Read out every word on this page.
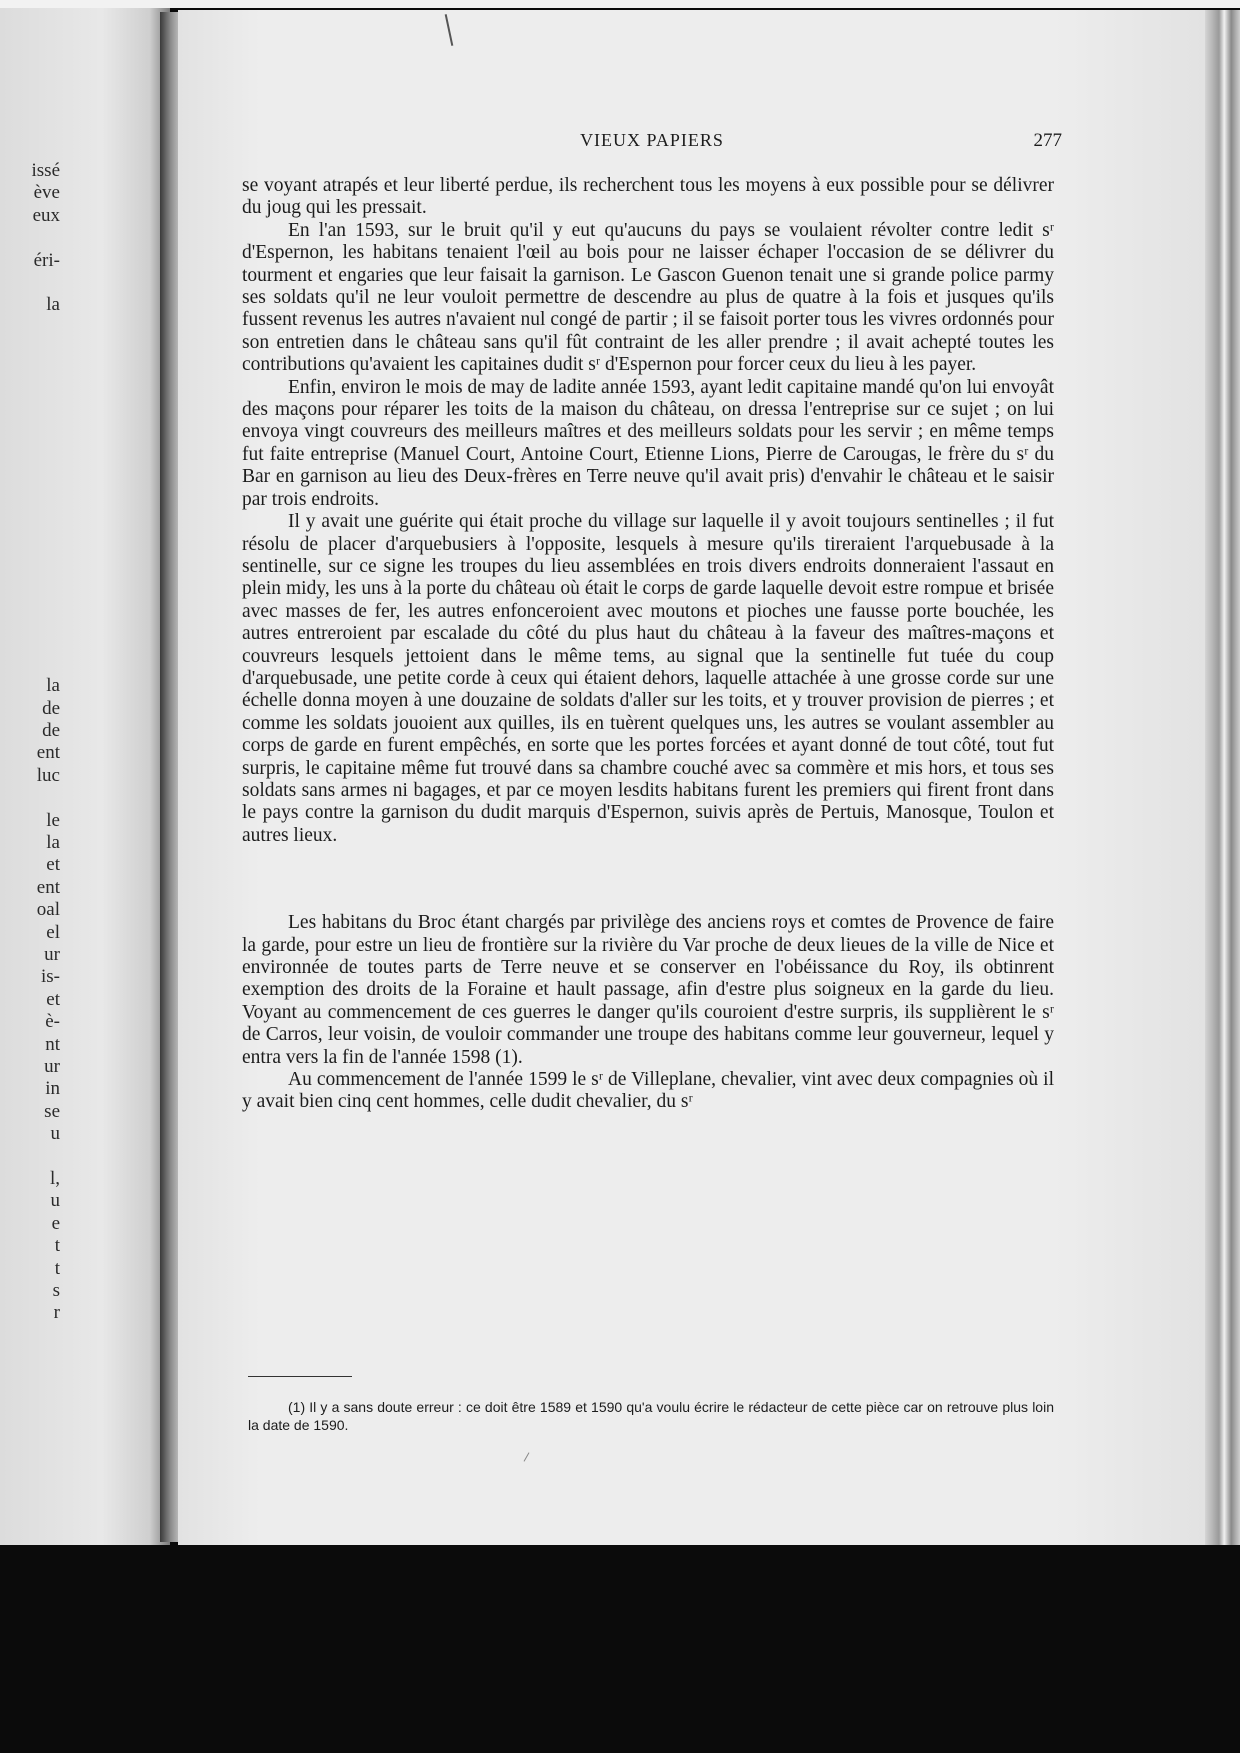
issé
ève
eux
éri-
la
la
de
de
ent
luc
le
la
et
ent
oal
el
ur
is-
et
è-
nt
ur
in
se
u
l,
u
e
t
t
s
r
VIEUX PAPIERS	277

se voyant atrapés et leur liberté perdue, ils recherchent tous les moyens à eux possible pour se délivrer du joug qui les pressait.

En l'an 1593, sur le bruit qu'il y eut qu'aucuns du pays se voulaient révolter contre ledit sʳ d'Espernon, les habitans tenaient l'œil au bois pour ne laisser échaper l'occasion de se délivrer du tourment et engaries que leur faisait la garnison. Le Gascon Guenon tenait une si grande police parmy ses soldats qu'il ne leur vouloit permettre de descendre au plus de quatre à la fois et jusques qu'ils fussent revenus les autres n'avaient nul congé de partir ; il se faisoit porter tous les vivres ordonnés pour son entretien dans le château sans qu'il fût contraint de les aller prendre ; il avait achepté toutes les contributions qu'avaient les capitaines dudit sʳ d'Espernon pour forcer ceux du lieu à les payer.

Enfin, environ le mois de may de ladite année 1593, ayant ledit capitaine mandé qu'on lui envoyât des maçons pour réparer les toits de la maison du château, on dressa l'entreprise sur ce sujet ; on lui envoya vingt couvreurs des meilleurs maîtres et des meilleurs soldats pour les servir ; en même temps fut faite entreprise (Manuel Court, Antoine Court, Etienne Lions, Pierre de Carougas, le frère du sʳ du Bar en garnison au lieu des Deux-frères en Terre neuve qu'il avait pris) d'envahir le château et le saisir par trois endroits.

Il y avait une guérite qui était proche du village sur laquelle il y avoit toujours sentinelles ; il fut résolu de placer d'arquebusiers à l'opposite, lesquels à mesure qu'ils tireraient l'arquebusade à la sentinelle, sur ce signe les troupes du lieu assemblées en trois divers endroits donneraient l'assaut en plein midy, les uns à la porte du château où était le corps de garde laquelle devoit estre rompue et brisée avec masses de fer, les autres enfonceroient avec moutons et pioches une fausse porte bouchée, les autres entreroient par escalade du côté du plus haut du château à la faveur des maîtres-maçons et couvreurs lesquels jettoient dans le même tems, au signal que la sentinelle fut tuée du coup d'arquebusade, une petite corde à ceux qui étaient dehors, laquelle attachée à une grosse corde sur une échelle donna moyen à une douzaine de soldats d'aller sur les toits, et y trouver provision de pierres ; et comme les soldats jouoient aux quilles, ils en tuèrent quelques uns, les autres se voulant assembler au corps de garde en furent empêchés, en sorte que les portes forcées et ayant donné de tout côté, tout fut surpris, le capitaine même fut trouvé dans sa chambre couché avec sa commère et mis hors, et tous ses soldats sans armes ni bagages, et par ce moyen lesdits habitans furent les premiers qui firent front dans le pays contre la garnison du dudit marquis d'Espernon, suivis après de Pertuis, Manosque, Toulon et autres lieux.

Les habitans du Broc étant chargés par privilège des anciens roys et comtes de Provence de faire la garde, pour estre un lieu de frontière sur la rivière du Var proche de deux lieues de la ville de Nice et environnée de toutes parts de Terre neuve et se conserver en l'obéissance du Roy, ils obtinrent exemption des droits de la Foraine et hault passage, afin d'estre plus soigneux en la garde du lieu. Voyant au commencement de ces guerres le danger qu'ils couroient d'estre surpris, ils supplièrent le sʳ de Carros, leur voisin, de vouloir commander une troupe des habitans comme leur gouverneur, lequel y entra vers la fin de l'année 1598 (1).

Au commencement de l'année 1599 le sʳ de Villeplane, chevalier, vint avec deux compagnies où il y avait bien cinq cent hommes, celle dudit chevalier, du sʳ

(1) Il y a sans doute erreur : ce doit être 1589 et 1590 qu'a voulu écrire le rédacteur de cette pièce car on retrouve plus loin la date de 1590.
